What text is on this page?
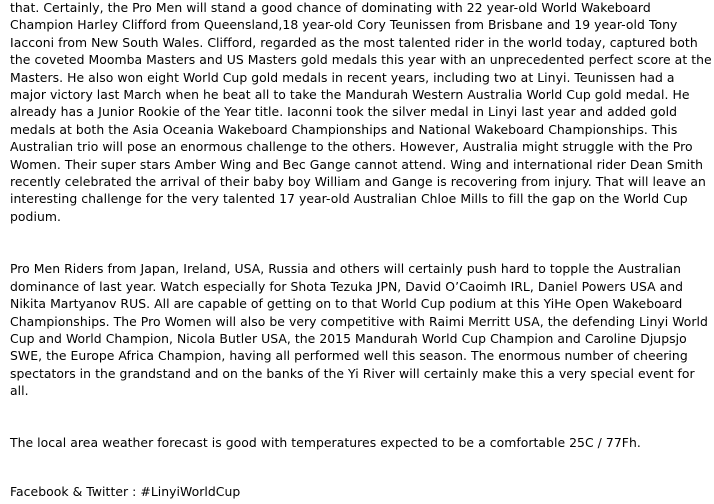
that. Certainly, the Pro Men will stand a good chance of dominating with 22 year-old World Wakeboard Champion Harley Clifford from Queensland,18 year-old Cory Teunissen from Brisbane and 19 year-old Tony Iacconi from New South Wales. Clifford, regarded as the most talented rider in the world today, captured both the coveted Moomba Masters and US Masters gold medals this year with an unprecedented perfect score at the Masters. He also won eight World Cup gold medals in recent years, including two at Linyi. Teunissen had a major victory last March when he beat all to take the Mandurah Western Australia World Cup gold medal. He already has a Junior Rookie of the Year title. Iaconni took the silver medal in Linyi last year and added gold medals at both the Asia Oceania Wakeboard Championships and National Wakeboard Championships. This Australian trio will pose an enormous challenge to the others. However, Australia might struggle with the Pro Women. Their super stars Amber Wing and Bec Gange cannot attend. Wing and international rider Dean Smith recently celebrated the arrival of their baby boy William and Gange is recovering from injury. That will leave an interesting challenge for the very talented 17 year-old Australian Chloe Mills to fill the gap on the World Cup podium.

Pro Men Riders from Japan, Ireland, USA, Russia and others will certainly push hard to topple the Australian dominance of last year. Watch especially for Shota Tezuka JPN, David O’Caoimh IRL, Daniel Powers USA and Nikita Martyanov RUS. All are capable of getting on to that World Cup podium at this YiHe Open Wakeboard Championships. The Pro Women will also be very competitive with Raimi Merritt USA, the defending Linyi World Cup and World Champion, Nicola Butler USA, the 2015 Mandurah World Cup Champion and Caroline Djupsjo SWE, the Europe Africa Champion, having all performed well this season. The enormous number of cheering spectators in the grandstand and on the banks of the Yi River will certainly make this a very special event for all.

The local area weather forecast is good with temperatures expected to be a comfortable 25C / 77Fh.

Facebook & Twitter : #LinyiWorldCup
